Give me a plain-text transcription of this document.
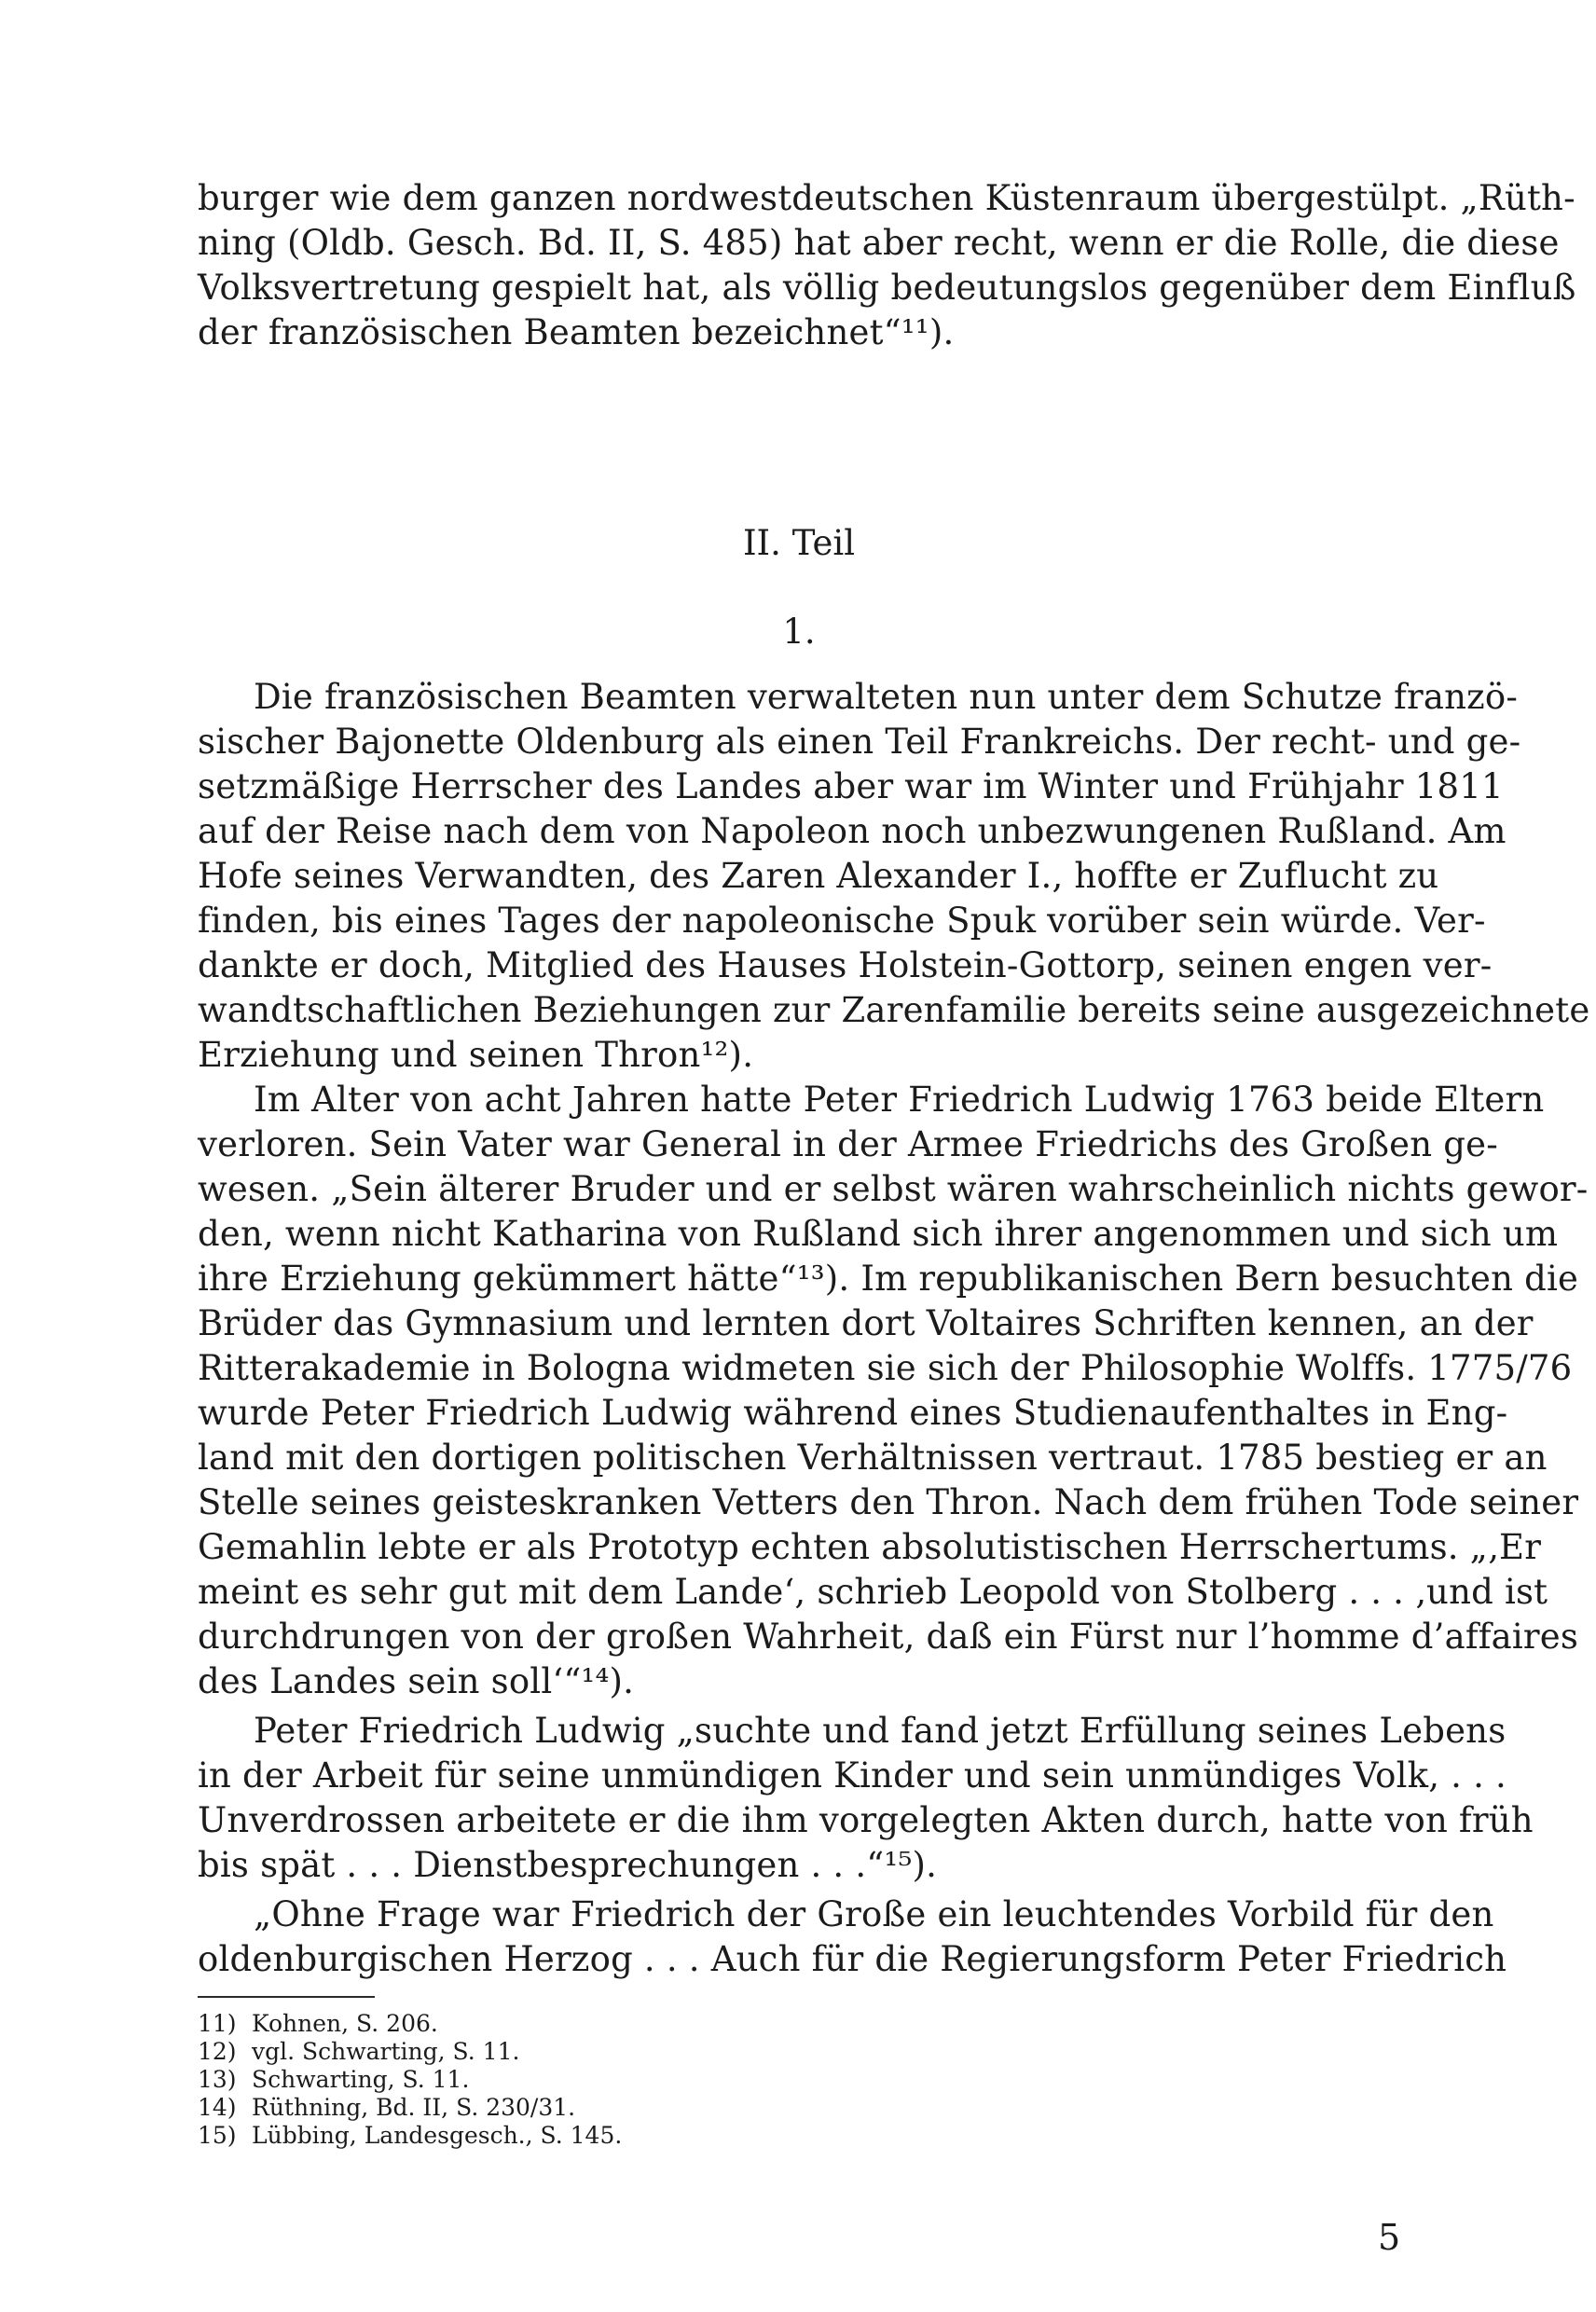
burger wie dem ganzen nordwestdeutschen Küstenraum übergestülpt. „Rüth-
ning (Oldb. Gesch. Bd. II, S. 485) hat aber recht, wenn er die Rolle, die diese
Volksvertretung gespielt hat, als völlig bedeutungslos gegenüber dem Einfluß
der französischen Beamten bezeichnet“¹¹).
II. Teil
1.
Die französischen Beamten verwalteten nun unter dem Schutze franzö-
sischer Bajonette Oldenburg als einen Teil Frankreichs. Der recht- und ge-
setzmäßige Herrscher des Landes aber war im Winter und Frühjahr 1811
auf der Reise nach dem von Napoleon noch unbezwungenen Rußland. Am
Hofe seines Verwandten, des Zaren Alexander I., hoffte er Zuflucht zu
finden, bis eines Tages der napoleonische Spuk vorüber sein würde. Ver-
dankte er doch, Mitglied des Hauses Holstein-Gottorp, seinen engen ver-
wandtschaftlichen Beziehungen zur Zarenfamilie bereits seine ausgezeichnete
Erziehung und seinen Thron¹²).
Im Alter von acht Jahren hatte Peter Friedrich Ludwig 1763 beide Eltern
verloren. Sein Vater war General in der Armee Friedrichs des Großen ge-
wesen. „Sein älterer Bruder und er selbst wären wahrscheinlich nichts gewor-
den, wenn nicht Katharina von Rußland sich ihrer angenommen und sich um
ihre Erziehung gekümmert hätte“¹³). Im republikanischen Bern besuchten die
Brüder das Gymnasium und lernten dort Voltaires Schriften kennen, an der
Ritterakademie in Bologna widmeten sie sich der Philosophie Wolffs. 1775/76
wurde Peter Friedrich Ludwig während eines Studienaufenthaltes in Eng-
land mit den dortigen politischen Verhältnissen vertraut. 1785 bestieg er an
Stelle seines geisteskranken Vetters den Thron. Nach dem frühen Tode seiner
Gemahlin lebte er als Prototyp echten absolutistischen Herrschertums. „‚Er
meint es sehr gut mit dem Lande‘, schrieb Leopold von Stolberg . . . ‚und ist
durchdrungen von der großen Wahrheit, daß ein Fürst nur l’homme d’affaires
des Landes sein soll‘“¹⁴).
Peter Friedrich Ludwig „suchte und fand jetzt Erfüllung seines Lebens
in der Arbeit für seine unmündigen Kinder und sein unmündiges Volk, . . .
Unverdrossen arbeitete er die ihm vorgelegten Akten durch, hatte von früh
bis spät . . . Dienstbesprechungen . . .“¹⁵).
„Ohne Frage war Friedrich der Große ein leuchtendes Vorbild für den
oldenburgischen Herzog . . . Auch für die Regierungsform Peter Friedrich
11) Kohnen, S. 206.
12) vgl. Schwarting, S. 11.
13) Schwarting, S. 11.
14) Rüthning, Bd. II, S. 230/31.
15) Lübbing, Landesgesch., S. 145.
5
